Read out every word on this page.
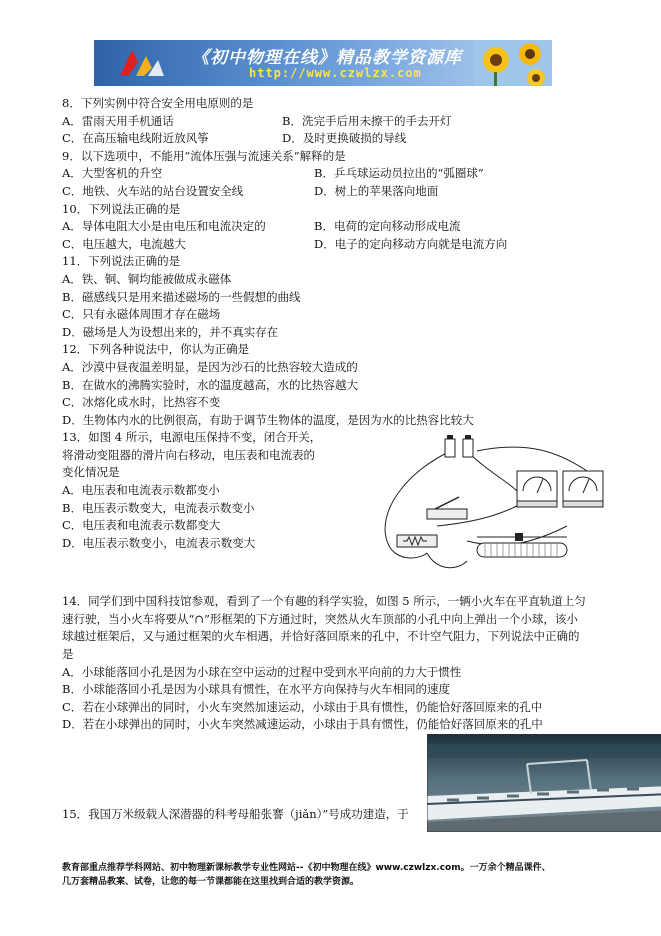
《初中物理在线》精品教学资源库
http://www.czwlzx.com
8．下列实例中符合安全用电原则的是
A．雷雨天用手机通话	B．洗完手后用未擦干的手去开灯
C．在高压输电线附近放风筝	D．及时更换破损的导线
9．以下选项中，不能用“流体压强与流速关系”解释的是
A．大型客机的升空	B．乒乓球运动员拉出的“弧圈球”
C．地铁、火车站的站台设置安全线	D．树上的苹果落向地面
10．下列说法正确的是
A．导体电阻大小是由电压和电流决定的	B．电荷的定向移动形成电流
C．电压越大，电流越大	D．电子的定向移动方向就是电流方向
11．下列说法正确的是
A．铁、铜、铜均能被做成永磁体
B．磁感线只是用来描述磁场的一些假想的曲线
C．只有永磁体周围才存在磁场
D．磁场是人为设想出来的，并不真实存在
12．下列各种说法中，你认为正确是
A．沙漠中昼夜温差明显，是因为沙石的比热容较大造成的
B．在做水的沸腾实验时，水的温度越高，水的比热容越大
C．冰熔化成水时，比热容不变
D．生物体内水的比例很高，有助于调节生物体的温度，是因为水的比热容比较大
13．如图 4 所示，电源电压保持不变，闭合开关，
将滑动变阻器的滑片向右移动，电压表和电流表的
变化情况是
A．电压表和电流表示数都变小
B．电压表示数变大，电流表示数变小
C．电压表和电流表示数都变大
D．电压表示数变小，电流表示数变大
14．同学们到中国科技馆参观，看到了一个有趣的科学实验，如图 5 所示，一辆小火车在平直轨道上匀
速行驶，当小火车将要从“∩”形框架的下方通过时，突然从火车顶部的小孔中向上弹出一个小球，该小
球越过框架后，又与通过框架的火车相遇，并恰好落回原来的孔中，不计空气阻力，下列说法中正确的
是
A．小球能落回小孔是因为小球在空中运动的过程中受到水平向前的力大于惯性
B．小球能落回小孔是因为小球具有惯性，在水平方向保持与火车相同的速度
C．若在小球弹出的同时，小火车突然加速运动，小球由于具有惯性，仍能恰好落回原来的孔中
D．若在小球弹出的同时，小火车突然减速运动，小球由于具有惯性，仍能恰好落回原来的孔中
15．我国万米级载人深潜器的科考母船张謇（jiǎn）”号成功建造，于
教育部重点推荐学科网站、初中物理新课标教学专业性网站--《初中物理在线》www.czwlzx.com。一万余个精品课件、
几万套精品教案、试卷，让您的每一节课都能在这里找到合适的教学资源。
